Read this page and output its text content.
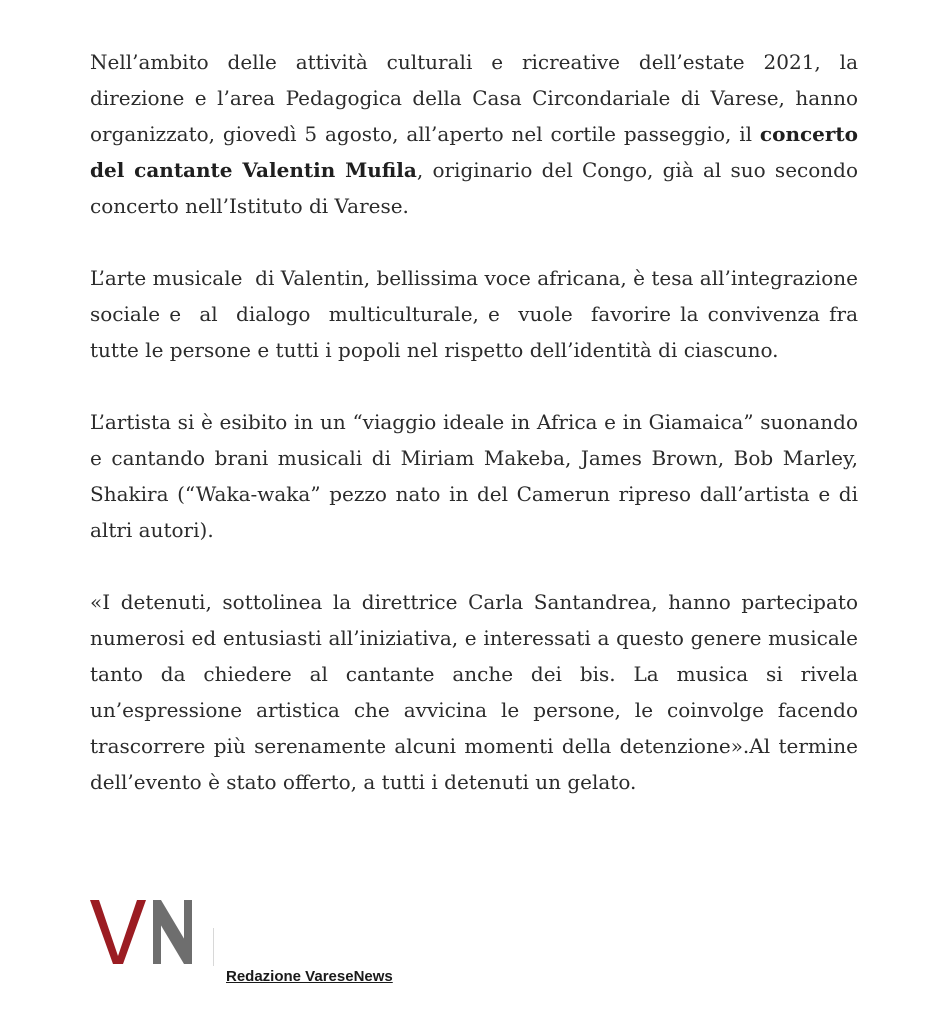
Nell’ambito delle attività culturali e ricreative dell’estate 2021, la direzione e l’area Pedagogica della Casa Circondariale di Varese, hanno organizzato, giovedì 5 agosto, all’aperto nel cortile passeggio, il concerto del cantante Valentin Mufila, originario del Congo, già al suo secondo concerto nell’Istituto di Varese.

L’arte musicale  di Valentin, bellissima voce africana, è tesa all’integrazione sociale e  al  dialogo  multiculturale, e  vuole  favorire la convivenza fra tutte le persone e tutti i popoli nel rispetto dell’identità di ciascuno.

L’artista si è esibito in un “viaggio ideale in Africa e in Giamaica” suonando e cantando brani musicali di Miriam Makeba, James Brown, Bob Marley, Shakira (“Waka-waka” pezzo nato in del Camerun ripreso dall’artista e di altri autori).

«I detenuti, sottolinea la direttrice Carla Santandrea, hanno partecipato numerosi ed entusiasti all’iniziativa, e interessati a questo genere musicale tanto da chiedere al cantante anche dei bis. La musica si rivela un’espressione artistica che avvicina le persone, le coinvolge facendo trascorrere più serenamente alcuni momenti della detenzione».Al termine dell’evento è stato offerto, a tutti i detenuti un gelato.

Redazione VareseNews
